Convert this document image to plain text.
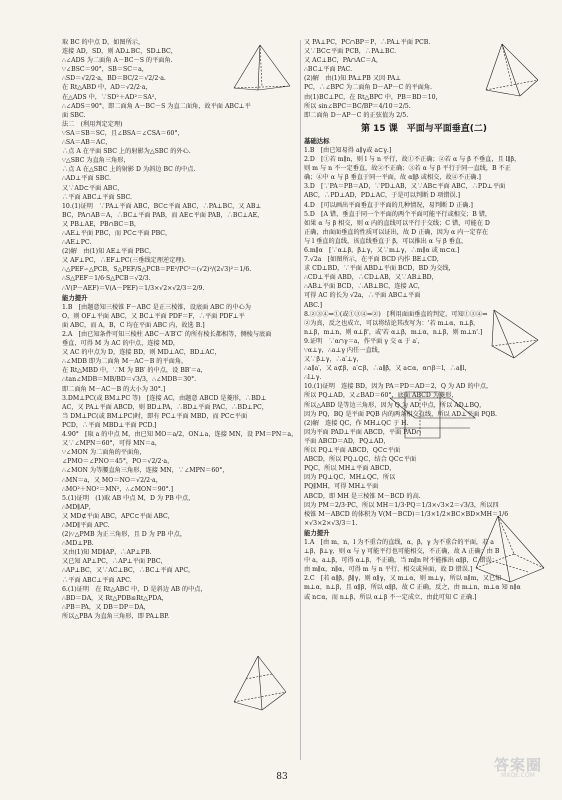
取 BC 的中点 D，如图所示，
连接 AD，SD，则 AD⊥BC，SD⊥BC，
∴∠ADS 为二面角 A－BC－S 的平面角.
∵∠BSC＝90°，SB＝SC＝a，
∴SD＝√2/2·a，BD＝BC/2＝√2/2·a.
在 Rt△ABD 中，AD＝√2/2·a，
在△ADS 中，∵SD²＋AD²＝SA²，
∴∠ADS＝90°，即二面角 A－BC－S 为直二面角，故平面 ABC⊥平
面 SBC.
法二　(利用判定定理)
∵SA＝SB＝SC，且∠BSA＝∠CSA＝60°，
∴SA＝AB＝AC，
∴点 A 在平面 SBC 上的射影为△SBC 的外心.
∵△SBC 为直角三角形，
∴点 A 在△SBC 上的射影 D 为斜边 BC 的中点.
∴AD⊥平面 SBC.
又∵AD⊂平面 ABC，
∴平面 ABC⊥平面 SBC.
10.(1)证明　∵PA⊥平面 ABC，BC⊂平面 ABC，∴PA⊥BC，又 AB⊥
BC，PA∩AB＝A，∴BC⊥平面 PAB，而 AE⊂平面 PAB，∴BC⊥AE，
又 PB⊥AE，PB∩BC＝B，
∴AE⊥平面 PBC，而 PC⊂平面 PBC，
∴AE⊥PC.
(2)解　由(1)知 AE⊥平面 PBC，
又 AF⊥PC，∴EF⊥PC(三垂线定理逆定理).
∴△PEF∽△PCB，S△PEF/S△PCB＝PE²/PC²＝(√2)²/(2√3)²＝1/6.
∴S△PEF＝1/6·S△PCB＝√2/3.
∴V(P－AEF)＝V(A－PEF)＝1/3×√2×√2/3＝2/9.
能力提升
1.B　[由题意知三棱锥 F－ABC 是正三棱锥，设底面 ABC 的中心为
O，则 OF⊥平面 ABC，又 BC⊥平面 PDF＝F，∴平面 PDF⊥平
面 ABC，而 A，B，C 均在平面 ABC 内，故选 B.]
2.A　[由已知条件可知三棱柱 ABC－A′B′C′ 的所有棱长都相等，侧棱与底面
垂直，可得 M 为 AC 的中点，连接 MD，
又 AC 的中点为 D，连接 BD，则 MD⊥AC，BD⊥AC，
∴∠MDB 即为二面角 M－AC－B 的平面角，
在 Rt△MBD 中，∵M 为 BB′ 的中点，设 BB′＝a，
∴tan∠MDB＝MB/BD＝√3/3，∴∠MDB＝30°.
即二面角 M－AC－B 的大小为 30°.]
3.DM⊥PC(或 BM⊥PC 等)　[连接 AC，由题意 ABCD 是菱形，∴BD⊥
AC，又 PA⊥平面 ABCD，则 BD⊥PA，∴BD⊥平面 PAC，∴BD⊥PC，
当 DM⊥PC(或 BM⊥PC)时，即有 PC⊥平面 MBD，而 PC⊂平面
PCD，∴平面 MBD⊥平面 PCD.]
4.90°　[取 a 的中点 M，由已知 MO＝a/2，ON⊥a，连接 MN，设 PM＝PN＝a，
又∵∠MPN＝60°，可得 MN＝a，
∵∠MON 为二面角的平面角，
∠PMO＝∠PNO＝45°，PO＝√2/2·a，
∴∠MON 为等腰直角三角形，连接 MN，∵∠MPN＝60°，
∴MN＝a，又 MO＝NO＝√2/2·a，
∴MO²＋NO²＝MN²，∴∠MON＝90°.]
5.(1)证明　(1)取 AB 中点 M，D 为 PB 中点，
∴MD∥AP，
又 MD⊄平面 ABC，APC⊂平面 ABC，
∴MD∥平面 APC.
(2)∵△PMB 为正三角形，且 D 为 PB 中点，
∴MD⊥PB.
又由(1)知 MD∥AP，∴AP⊥PB.
又已知 AP⊥PC，∴AP⊥平面 PBC，
∴AP⊥BC，又∵AC⊥BC，∴BC⊥平面 APC，
∴平面 ABC⊥平面 APC.
6.(1)证明　在 Rt△ABC 中，D 是斜边 AB 的中点，
∴BD＝DA，又 Rt△PDB≌Rt△PDA，
∴PB＝PA，又 DB＝DP＝DA，
所以△PBA 为直角三角形，即 PA⊥BP.
又 PA⊥PC，PC∩BP＝P，∴PA⊥平面 PCB.
又∵BC⊂平面 PCB，∴PA⊥BC.
又 AC⊥BC，PA∩AC＝A，
∴BC⊥平面 PAC.
(2)解　由(1)知 PA⊥PB 又因 PA⊥
PC，∴∠BPC 为二面角 D－AP－C 的平面角.
由(1)BC⊥PC，在 Rt△BPC 中，PB＝BD＝10，
所以 sin∠BPC＝BC/BP＝4/10＝2/5.
即二面角 D－AP－C 的正弦值为 2/5.
第 15 课　平面与平面垂直(二)
基础达标
1.B　[由已知易得 a∥γ或 a⊂γ.]
2.D　[①若 m∥n，则 l 与 n 平行，故①不正确；②若 α 与 β 不垂直，且 l∥β，
则 m 与 n 不一定垂直，故②不正确；③若 α 与 β 平行于同一直线，B 不正
确；④中 α 与 β 垂直于同一平面，故 α∥β 或相交，故④不正确.]
3.D　[∵PA＝PB＝AD，∵PD⊥AB，又∵AB⊂平面 ABC，∴PD⊥平面
ABC，∴PD⊥AD，PD⊥AC，于是可以判断 D 项错误.]
4.D　[可以画出平面垂直于平面的几种情况，易判断 D 正确.]
5.D　[A 错，垂直于同一个平面的两个平面可能平行或相交；B 错，
如果 α 与 β 相交，则 α 内的直线可以平行于交线；C 错，可能在 D
正确，由面面垂直的性质可以证出，故 D 正确，因为 α 内一定存在
与 l 垂直的直线，该直线垂直于 β，可以推出 α 与 β 垂直，
6.m∥α　[∵α⊥β，β⊥γ，又∵m⊥γ，∴m∥α 或 m⊂α.]
7.√2a　[如图所示，在平面 BCD 内作 BE⊥CD，
求 CD⊥BD，∵平面 ABD⊥平面 BCD，BD 为交线，
∴CD⊥平面 ABD，∴CD⊥AB，又∵AB⊥BD，
∴AB⊥平面 BCD，∴AB⊥BC，连接 AC，
可得 AC 的长为 √2a，∴平面 ABC⊥平面
ABC.]
8.②③④⇒①(或①③④⇒②)　[利用面面垂直的判定，可知①③④⇒
②为真，反之也成立，可以将结论其改写为：'若 m⊥α，n⊥β，
n⊥β，m⊥n，则 α⊥β'，或'若 α⊥β，m⊥α，n⊥β，则 m⊥n'.]
9.证明　∵α∩γ＝a，作平面 γ 交 α 于 a′，
∵α⊥γ，∴a⊥γ 内任一直线，
又∵β⊥γ，∴a′⊥γ，
∴a∥a′，又 a⊄β，a′⊂β，∴a∥β，又 a⊂α，α∩β＝l，∴a∥l，
∴l⊥γ.
10.(1)证明　连接 BD，因为 PA＝PD＝AD＝2，Q 为 AD 的中点，
所以 PQ⊥AD，又∠BAD＝60°，底面 ABCD 为菱形，
所以△ABD 是等边三角形，因为 Q 为 AD 中点，所以 AD⊥BQ，
因为 PQ，BQ 是平面 PQB 内的两条相交直线，所以 AD⊥平面 PQB.
(2)解　连接 QC，作 MH⊥QC 于 H.
因为平面 PAD⊥平面 ABCD，平面 PAD∩
平面 ABCD＝AD，PQ⊥AD，
所以 PQ⊥平面 ABCD，QC⊂平面
ABCD，所以 PQ⊥QC，结合 QC⊂平面
PQC，所以 MH⊥平面 ABCD，
因为 PQ⊥QC，MH⊥QC，所以
PQ∥MH，可得 MH⊥平面
ABCD，即 MH 是三棱锥 M－BCD 的高.
因为 PM＝2/3·PC，所以 MH＝1/3·PQ＝1/3×√3×2＝√3/3，所以四
棱锥 M－ABCD 的体积为 V(M－BCD)＝1/3×1/2×BC×BD×MH＝1/6
×√3×2×√3/3＝1.
能力提升
1.A　[由 m，n，l 为不重合的直线，α，β，γ 为不重合的平面，若 a
⊥β，β⊥γ，则 α 与 γ 可能平行也可能相交，不正确，故 A 正确；由 B
中 a，a⊥β，可得 α⊥β，不正确，当 m∥n 时不能推出 α∥β，C 错误；
由 m∥α，n∥α，可得 m 与 n 平行、相交或异面，故 D 错误.]
2.C　[若 α∥β，β∥γ，则 α∥γ，又 m⊥α，则 m⊥γ，所以 n∥m，又已知
m⊥α，n⊥β，且 α∥β，所以 α∥β，故 C 正确，反之，由 m⊥n，m⊥α 知 n∥α
或 n⊂α，而 n⊥β，所以 α⊥β 不一定成立，由此可知 C 正确.]
83
答案圈
MXQE.COM
